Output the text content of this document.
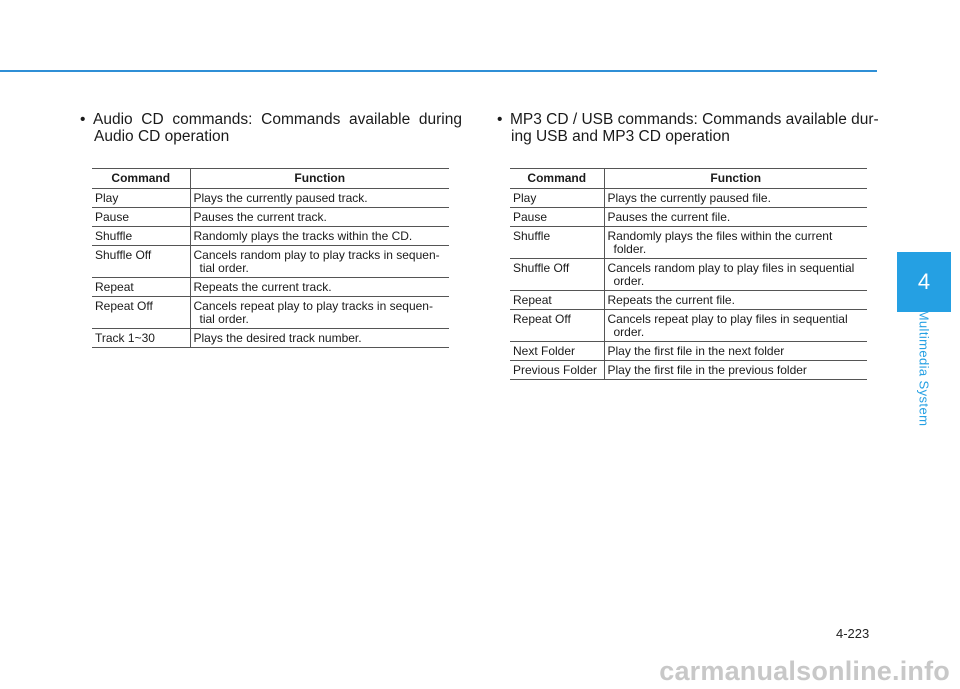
4
Multimedia System
• Audio CD commands: Commands available during
Audio CD operation
Command	Function
Play	Plays the currently paused track.
Pause	Pauses the current track.
Shuffle	Randomly plays the tracks within the CD.
Shuffle Off	Cancels random play to play tracks in sequen-
tial order.

Repeat	Repeats the current track.
Repeat Off	Cancels repeat play to play tracks in sequen-
tial order.

Track 1~30	Plays the desired track number.
• MP3 CD / USB commands: Commands available dur-
ing USB and MP3 CD operation
Command	Function
Play	Plays the currently paused file.
Pause	Pauses the current file.
Shuffle	Randomly plays the files within the current
folder.

Shuffle Off	Cancels random play to play files in sequential
order.

Repeat	Repeats the current file.
Repeat Off	Cancels repeat play to play files in sequential
order.

Next Folder	Play the first file in the next folder
Previous Folder	Play the first file in the previous folder
4-223
carmanualsonline.info
